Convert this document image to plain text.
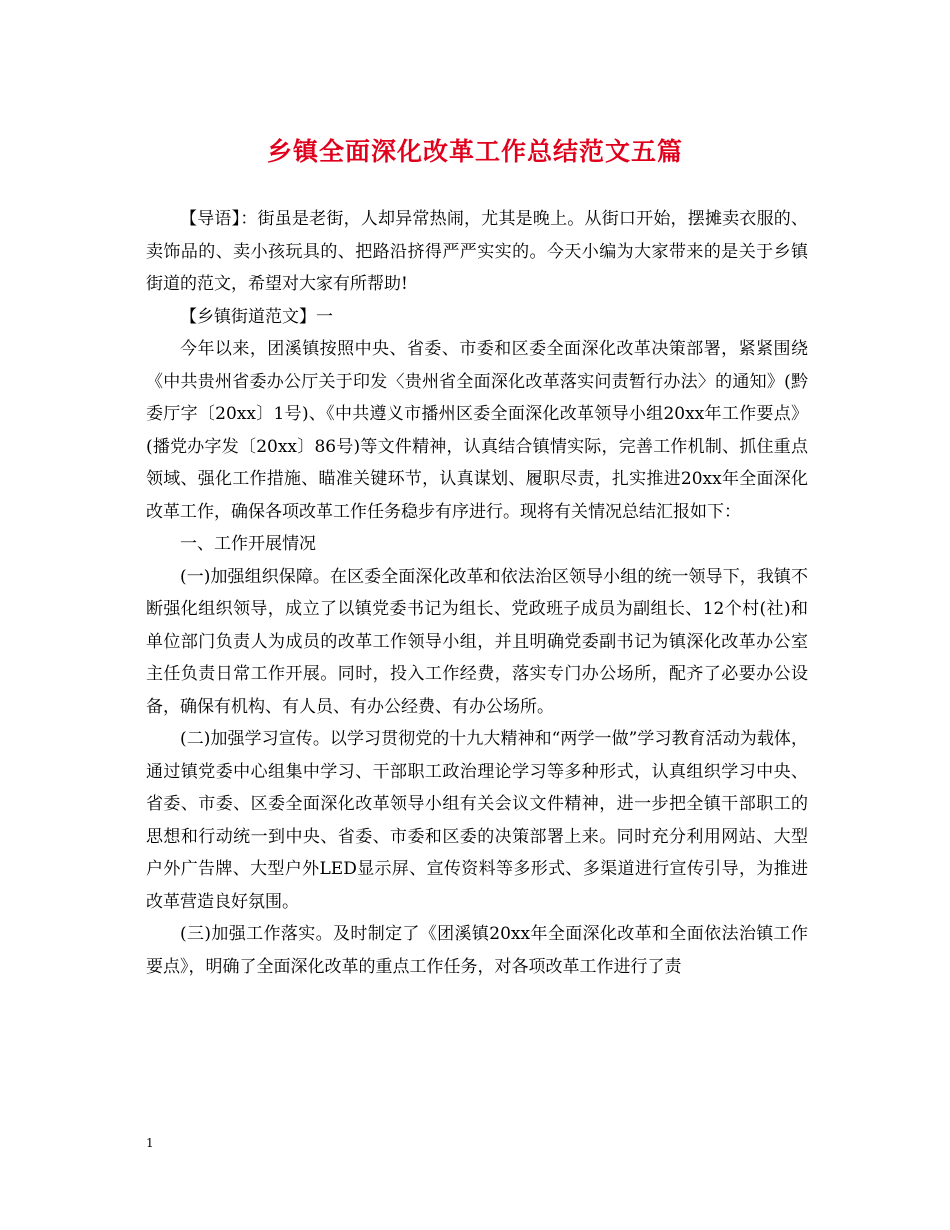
乡镇全面深化改革工作总结范文五篇

【导语】：街虽是老街，人却异常热闹，尤其是晚上。从街口开始，摆摊卖衣服的、卖饰品的、卖小孩玩具的、把路沿挤得严严实实的。今天小编为大家带来的是关于乡镇街道的范文，希望对大家有所帮助!

【乡镇街道范文】一

今年以来，团溪镇按照中央、省委、市委和区委全面深化改革决策部署，紧紧围绕《中共贵州省委办公厅关于印发〈贵州省全面深化改革落实问责暂行办法〉的通知》(黔委厅字〔20xx〕1号)、《中共遵义市播州区委全面深化改革领导小组20xx年工作要点》(播党办字发〔20xx〕86号)等文件精神，认真结合镇情实际，完善工作机制、抓住重点领域、强化工作措施、瞄准关键环节，认真谋划、履职尽责，扎实推进20xx年全面深化改革工作，确保各项改革工作任务稳步有序进行。现将有关情况总结汇报如下：

一、工作开展情况

(一)加强组织保障。在区委全面深化改革和依法治区领导小组的统一领导下，我镇不断强化组织领导，成立了以镇党委书记为组长、党政班子成员为副组长、12个村(社)和单位部门负责人为成员的改革工作领导小组，并且明确党委副书记为镇深化改革办公室主任负责日常工作开展。同时，投入工作经费，落实专门办公场所，配齐了必要办公设备，确保有机构、有人员、有办公经费、有办公场所。

(二)加强学习宣传。以学习贯彻党的十九大精神和“两学一做”学习教育活动为载体，通过镇党委中心组集中学习、干部职工政治理论学习等多种形式，认真组织学习中央、省委、市委、区委全面深化改革领导小组有关会议文件精神，进一步把全镇干部职工的思想和行动统一到中央、省委、市委和区委的决策部署上来。同时充分利用网站、大型户外广告牌、大型户外LED显示屏、宣传资料等多形式、多渠道进行宣传引导，为推进改革营造良好氛围。

(三)加强工作落实。及时制定了《团溪镇20xx年全面深化改革和全面依法治镇工作要点》，明确了全面深化改革的重点工作任务，对各项改革工作进行了责

1
